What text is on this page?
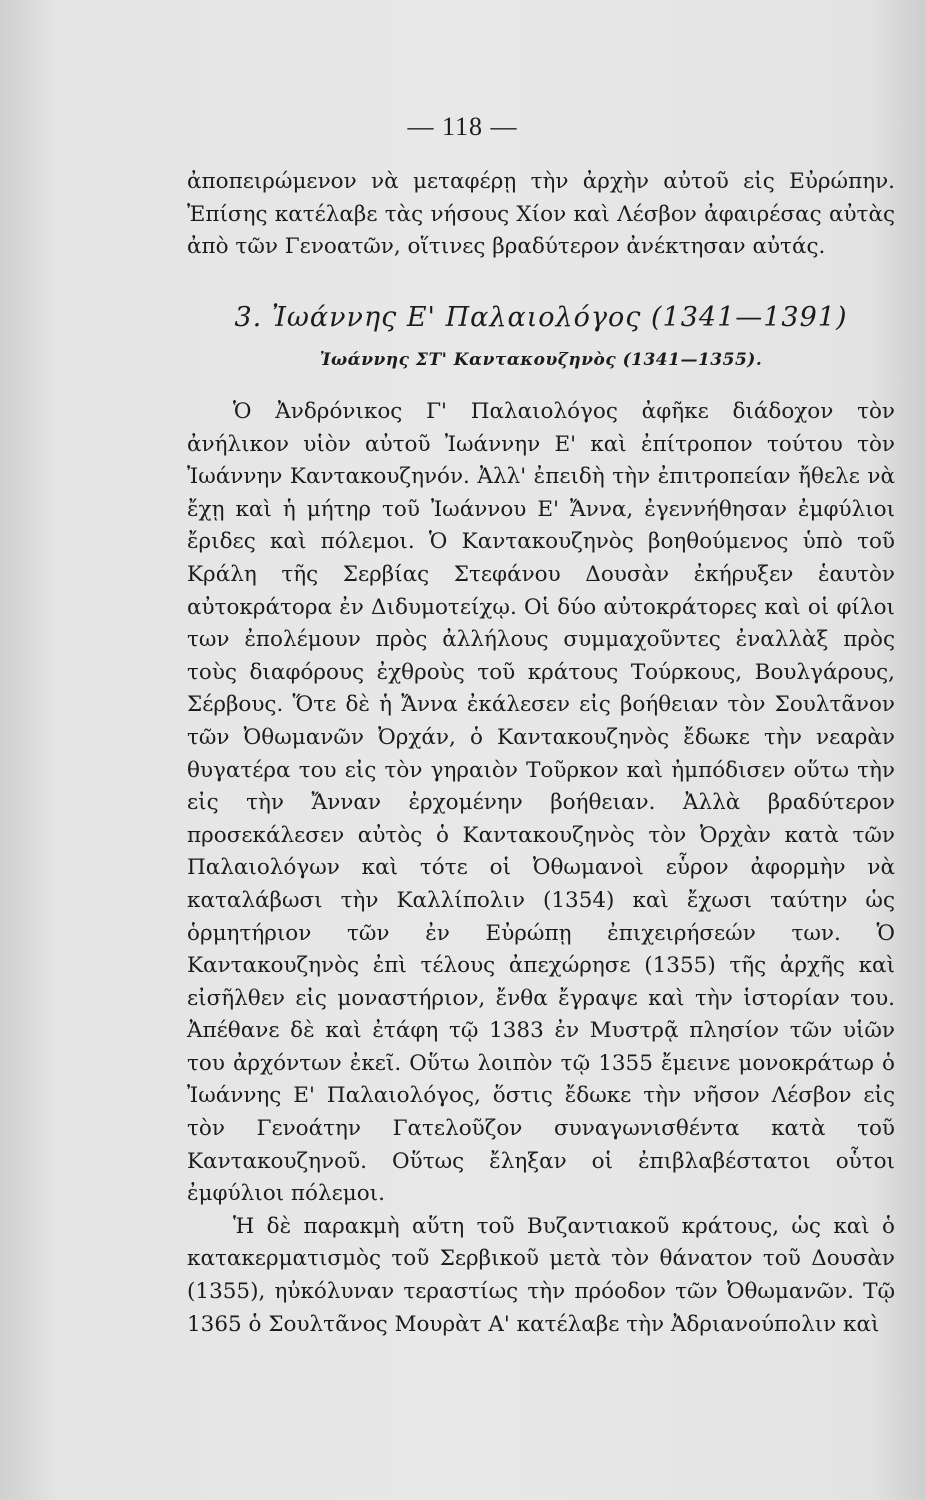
— 118 —

ἀποπειρώμενον νὰ μεταφέρῃ τὴν ἀρχὴν αὐτοῦ εἰς Εὐρώπην. Ἐπίσης κατέλαβε τὰς νήσους Χίον καὶ Λέσβον ἀφαιρέσας αὐτὰς ἀπὸ τῶν Γενοατῶν, οἵτινες βραδύτερον ἀνέκτησαν αὐτάς.

3. Ἰωάννης Ε' Παλαιολόγος (1341—1391)
Ἰωάννης ΣΤ' Καντακουζηνὸς (1341—1355).

Ὁ Ἀνδρόνικος Γ' Παλαιολόγος ἀφῆκε διάδοχον τὸν ἀνήλικον υἱὸν αὐτοῦ Ἰωάννην Ε' καὶ ἐπίτροπον τούτου τὸν Ἰωάννην Καντακουζηνόν. Ἀλλ' ἐπειδὴ τὴν ἐπιτροπείαν ἤθελε νὰ ἔχῃ καὶ ἡ μήτηρ τοῦ Ἰωάννου Ε' Ἄννα, ἐγεννήθησαν ἐμφύλιοι ἔριδες καὶ πόλεμοι. Ὁ Καντακουζηνὸς βοηθούμενος ὑπὸ τοῦ Κράλη τῆς Σερβίας Στεφάνου Δουσὰν ἐκήρυξεν ἑαυτὸν αὐτοκράτορα ἐν Διδυμοτείχῳ. Οἱ δύο αὐτοκράτορες καὶ οἱ φίλοι των ἐπολέμουν πρὸς ἀλλήλους συμμαχοῦντες ἐναλλὰξ πρὸς τοὺς διαφόρους ἐχθροὺς τοῦ κράτους Τούρκους, Βουλγάρους, Σέρβους. Ὅτε δὲ ἡ Ἄννα ἐκάλεσεν εἰς βοήθειαν τὸν Σουλτᾶνον τῶν Ὀθωμανῶν Ὀρχάν, ὁ Καντακουζηνὸς ἔδωκε τὴν νεαρὰν θυγατέρα του εἰς τὸν γηραιὸν Τοῦρκον καὶ ἠμπόδισεν οὕτω τὴν εἰς τὴν Ἄνναν ἐρχομένην βοήθειαν. Ἀλλὰ βραδύτερον προσεκάλεσεν αὐτὸς ὁ Καντακουζηνὸς τὸν Ὀρχὰν κατὰ τῶν Παλαιολόγων καὶ τότε οἱ Ὀθωμανοὶ εὗρον ἀφορμὴν νὰ καταλάβωσι τὴν Καλλίπολιν (1354) καὶ ἔχωσι ταύτην ὡς ὁρμητήριον τῶν ἐν Εὐρώπῃ ἐπιχειρήσεών των. Ὁ Καντακουζηνὸς ἐπὶ τέλους ἀπεχώρησε (1355) τῆς ἀρχῆς καὶ εἰσῆλθεν εἰς μοναστήριον, ἔνθα ἔγραψε καὶ τὴν ἱστορίαν του. Ἀπέθανε δὲ καὶ ἐτάφη τῷ 1383 ἐν Μυστρᾷ πλησίον τῶν υἱῶν του ἀρχόντων ἐκεῖ. Οὕτω λοιπὸν τῷ 1355 ἔμεινε μονοκράτωρ ὁ Ἰωάννης Ε' Παλαιολόγος, ὅστις ἔδωκε τὴν νῆσον Λέσβον εἰς τὸν Γενοάτην Γατελοῦζον συναγωνισθέντα κατὰ τοῦ Καντακουζηνοῦ. Οὕτως ἔληξαν οἱ ἐπιβλαβέστατοι οὗτοι ἐμφύλιοι πόλεμοι.

Ἡ δὲ παρακμὴ αὕτη τοῦ Βυζαντιακοῦ κράτους, ὡς καὶ ὁ κατακερματισμὸς τοῦ Σερβικοῦ μετὰ τὸν θάνατον τοῦ Δουσὰν (1355), ηὐκόλυναν τεραστίως τὴν πρόοδον τῶν Ὀθωμανῶν. Τῷ 1365 ὁ Σουλτᾶνος Μουρὰτ Α' κατέλαβε τὴν Ἀδριανούπολιν καὶ
